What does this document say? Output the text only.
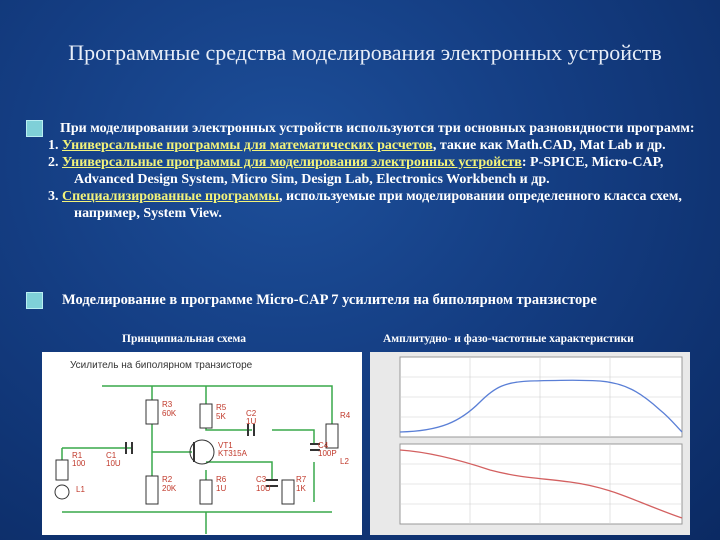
Программные средства моделирования электронных устройств

При моделировании электронных устройств используются три основных разновидности программ:

1. Универсальные программы для математических расчетов, такие как Math.CAD, Mat Lab и др.

2. Универсальные программы для моделирования электронных устройств: P-SPICE, Micro-CAP, Advanced Design System, Micro Sim, Design Lab, Electronics Workbench и др.

3. Специализированные программы, используемые при моделировании определенного класса схем, например, System View.

Моделирование в программе Micro-CAP 7 усилителя на биполярном транзисторе
Принципиальная схема	Амплитудно- и фазо-частотные характеристики
Усилитель на биполярном транзисторе
R3
60K
R5
5K	C2
1U
R4
C4
100P
VT1
KT315A
R1
100
C1
10U
L1
R2
20K
R6
1U
C3
10U
R7
1K
L2
